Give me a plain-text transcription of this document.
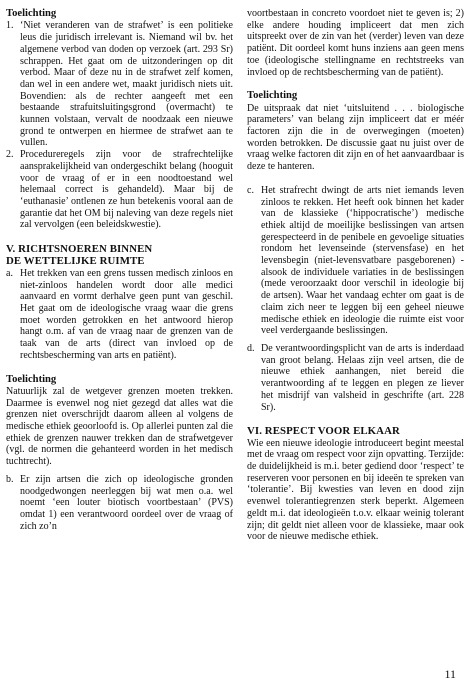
Toelichting

1. ‘Niet veranderen van de strafwet’ is een politieke leus die juridisch irrelevant is. Niemand wil bv. het algemene verbod van doden op verzoek (art. 293 Sr) schrappen. Het gaat om de uitzonderingen op dit verbod. Maar of deze nu in de strafwet zelf komen, dan wel in een andere wet, maakt juridisch niets uit. Bovendien: als de rechter aangeeft met een bestaande strafuitsluitingsgrond (overmacht) te kunnen volstaan, vervalt de noodzaak een nieuwe grond te ontwerpen en hiermee de strafwet aan te vullen.

2. Procedureregels zijn voor de strafrechtelijke aansprakelijkheid van ondergeschikt belang (hooguit voor de vraag of er in een noodtoestand wel helemaal correct is gehandeld). Maar bij de ‘euthanasie’ ontlenen ze hun betekenis vooral aan de garantie dat het OM bij naleving van deze regels niet zal vervolgen (een beleidskwestie).

V. RICHTSNOEREN BINNEN

DE WETTELIJKE RUIMTE

a. Het trekken van een grens tussen medisch zinloos en niet-zinloos handelen wordt door alle medici aanvaard en vormt derhalve geen punt van geschil. Het gaat om de ideologische vraag waar die grens moet worden getrokken en het antwoord hierop hangt o.m. af van de vraag naar de grenzen van de taak van de arts (direct van invloed op de rechtsbescherming van arts en patiënt).

Toelichting

Natuurlijk zal de wetgever grenzen moeten trekken. Daarmee is evenwel nog niet gezegd dat alles wat die grenzen niet overschrijdt daarom alleen al volgens de medische ethiek geoorloofd is. Op allerlei punten zal die ethiek de grenzen nauwer trekken dan de strafwetgever (vgl. de normen die gehanteerd worden in het medisch tuchtrecht).

b. Er zijn artsen die zich op ideologische gronden noodgedwongen neerleggen bij wat men o.a. wel noemt ‘een louter biotisch voortbestaan’ (PVS) omdat 1) een verantwoord oordeel over de vraag of zich zo’n

voortbestaan in concreto voordoet niet te geven is; 2) elke andere houding impliceert dat men zich uitspreekt over de zin van het (verder) leven van deze patiënt. Dit oordeel komt huns inziens aan geen mens toe (ideologische stellingname en rechtstreeks van invloed op de rechtsbescherming van de patiënt).

Toelichting

De uitspraak dat niet ‘uitsluitend . . . biologische parameters’ van belang zijn impliceert dat er méér factoren zijn die in de overwegingen (moeten) worden betrokken. De discussie gaat nu juist over de vraag welke factoren dit zijn en of het aanvaardbaar is deze te hanteren.

c. Het strafrecht dwingt de arts niet iemands leven zinloos te rekken. Het heeft ook binnen het kader van de klassieke (‘hippocratische’) medische ethiek altijd de moeilijke beslissingen van artsen gerespecteerd in de penibele en gevoelige situaties rondom het levenseinde (stervensfase) en het levensbegin (niet-levensvatbare pasgeborenen) - alsook de individuele variaties in de beslissingen (mede veroorzaakt door verschil in ideologie bij de artsen). Waar het vandaag echter om gaat is de claim zich neer te leggen bij een geheel nieuwe medische ethiek en ideologie die ruimte eist voor veel verdergaande beslissingen.

d. De verantwoordingsplicht van de arts is inderdaad van groot belang. Helaas zijn veel artsen, die de nieuwe ethiek aanhangen, niet bereid die verantwoording af te leggen en plegen ze liever het misdrijf van valsheid in geschrifte (art. 228 Sr).

VI. RESPECT VOOR ELKAAR

Wie een nieuwe ideologie introduceert begint meestal met de vraag om respect voor zijn opvatting. Terzijde: de duidelijkheid is m.i. beter gediend door ‘respect’ te reserveren voor personen en bij ideeën te spreken van ‘tolerantie’. Bij kwesties van leven en dood zijn evenwel tolerantiegrenzen sterk beperkt. Algemeen geldt m.i. dat ideologieën t.o.v. elkaar weinig tolerant zijn; dit geldt niet alleen voor de klassieke, maar ook voor de nieuwe medische ethiek.

11
